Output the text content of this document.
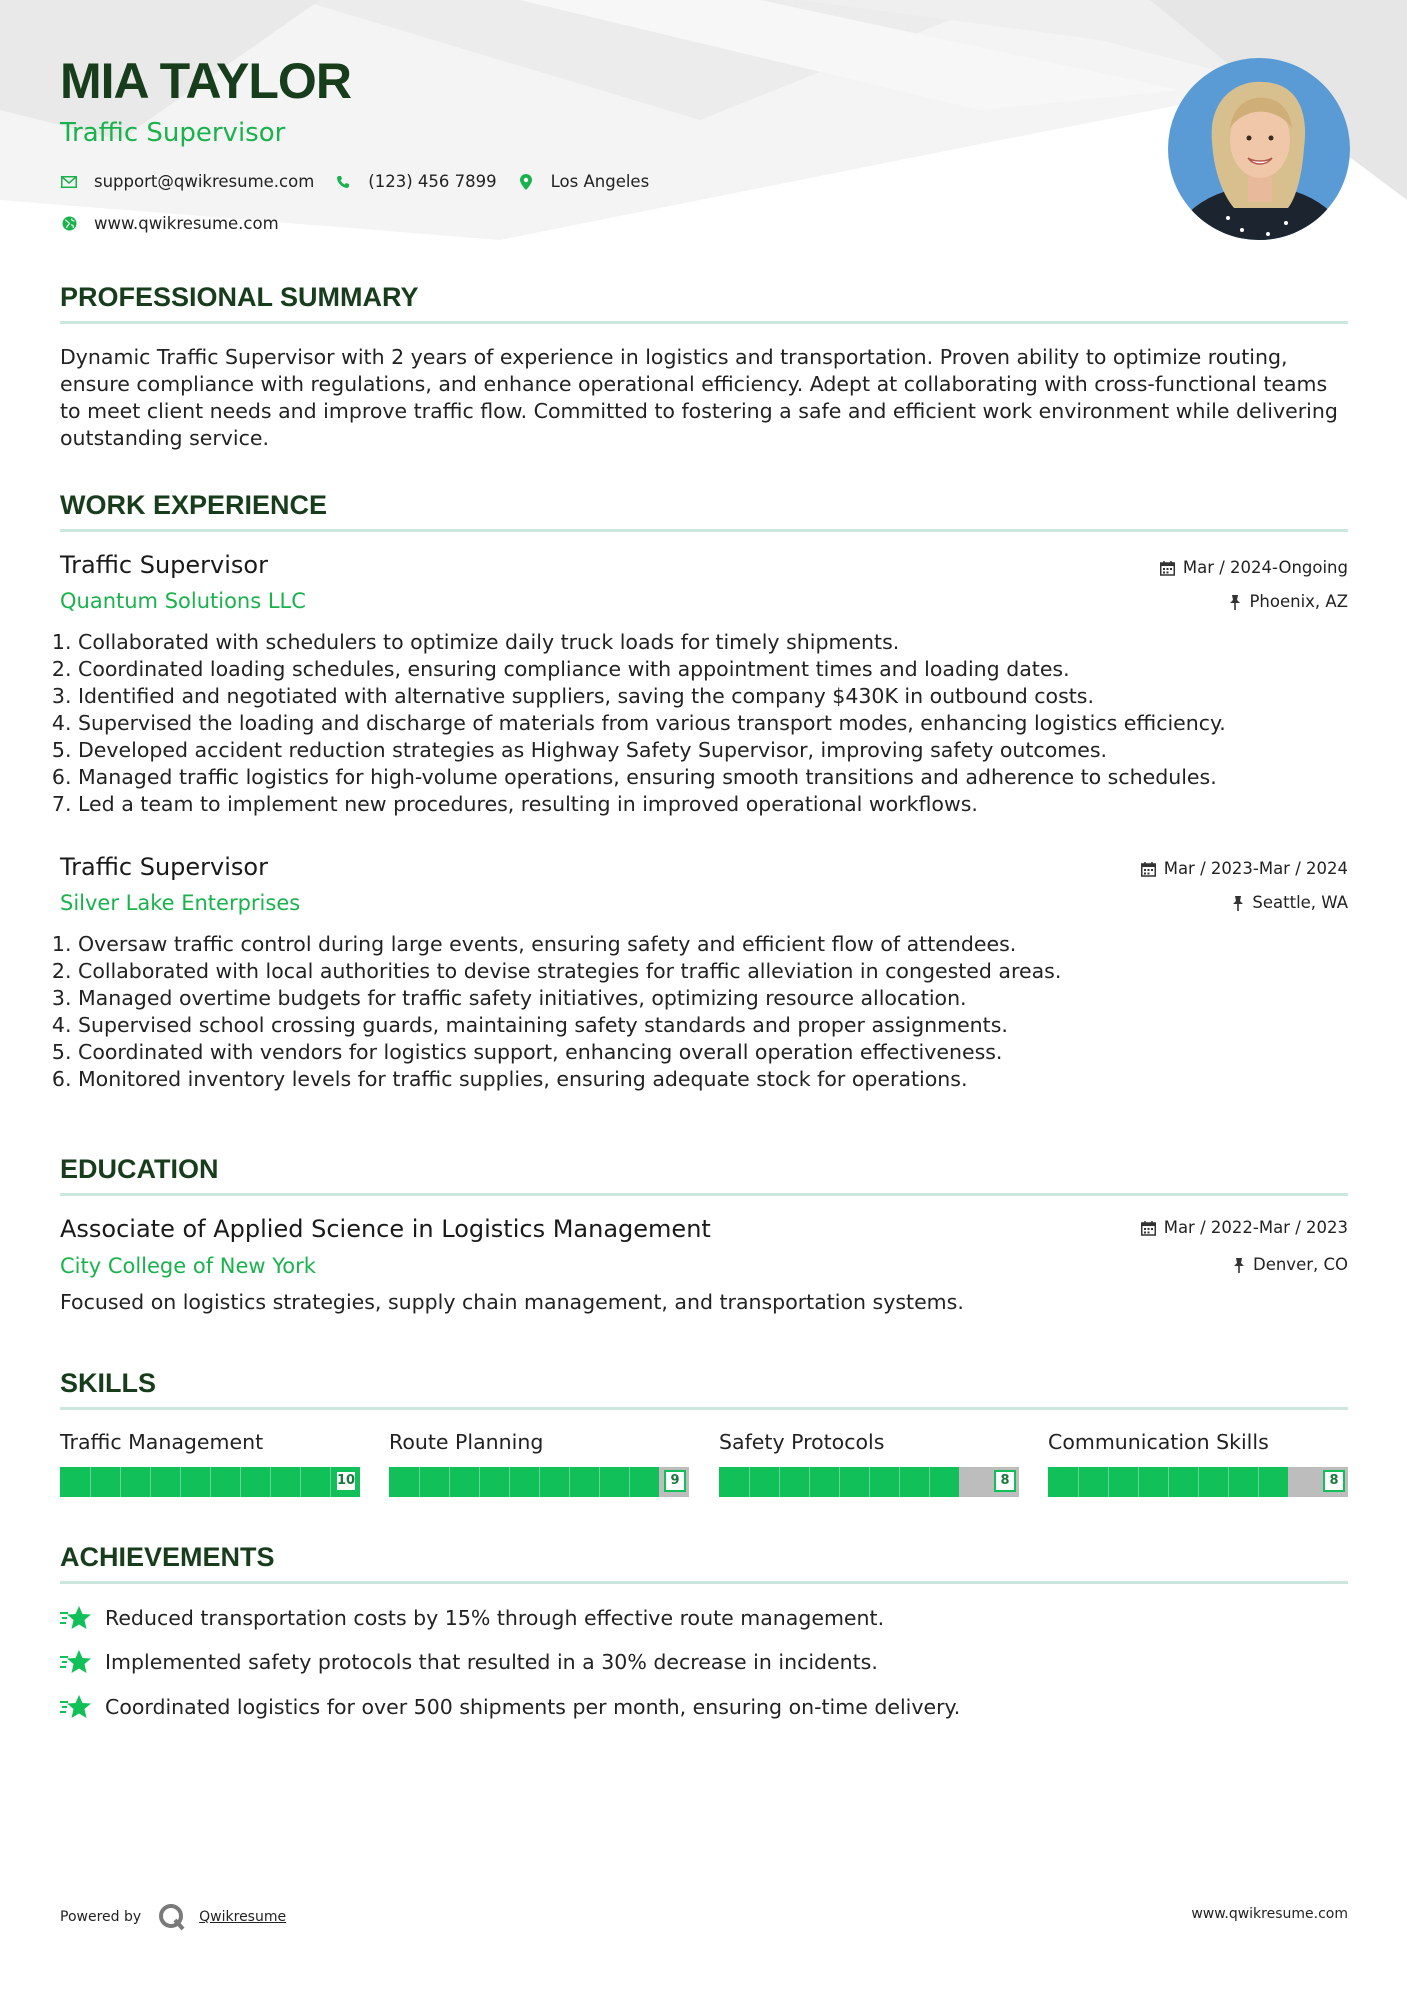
MIA TAYLOR
Traffic Supervisor
support@qwikresume.com	(123) 456 7899	Los Angeles
www.qwikresume.com
PROFESSIONAL SUMMARY

Dynamic Traffic Supervisor with 2 years of experience in logistics and transportation. Proven ability to optimize routing, ensure compliance with regulations, and enhance operational efficiency. Adept at collaborating with cross-functional teams to meet client needs and improve traffic flow. Committed to fostering a safe and efficient work environment while delivering outstanding service.

WORK EXPERIENCE
Traffic Supervisor
Quantum Solutions LLC
Mar / 2024-Ongoing
Phoenix, AZ
1. Collaborated with schedulers to optimize daily truck loads for timely shipments.
2. Coordinated loading schedules, ensuring compliance with appointment times and loading dates.
3. Identified and negotiated with alternative suppliers, saving the company $430K in outbound costs.
4. Supervised the loading and discharge of materials from various transport modes, enhancing logistics efficiency.
5. Developed accident reduction strategies as Highway Safety Supervisor, improving safety outcomes.
6. Managed traffic logistics for high-volume operations, ensuring smooth transitions and adherence to schedules.
7. Led a team to implement new procedures, resulting in improved operational workflows.
Traffic Supervisor
Silver Lake Enterprises
Mar / 2023-Mar / 2024
Seattle, WA
1. Oversaw traffic control during large events, ensuring safety and efficient flow of attendees.
2. Collaborated with local authorities to devise strategies for traffic alleviation in congested areas.
3. Managed overtime budgets for traffic safety initiatives, optimizing resource allocation.
4. Supervised school crossing guards, maintaining safety standards and proper assignments.
5. Coordinated with vendors for logistics support, enhancing overall operation effectiveness.
6. Monitored inventory levels for traffic supplies, ensuring adequate stock for operations.
EDUCATION
Associate of Applied Science in Logistics Management
City College of New York
Mar / 2022-Mar / 2023
Denver, CO

Focused on logistics strategies, supply chain management, and transportation systems.

SKILLS
Traffic Management
10
Route Planning
9
Safety Protocols
8
Communication Skills
8
ACHIEVEMENTS
Reduced transportation costs by 15% through effective route management.
Implemented safety protocols that resulted in a 30% decrease in incidents.
Coordinated logistics for over 500 shipments per month, ensuring on-time delivery.
Powered by	Qwikresume	www.qwikresume.com
